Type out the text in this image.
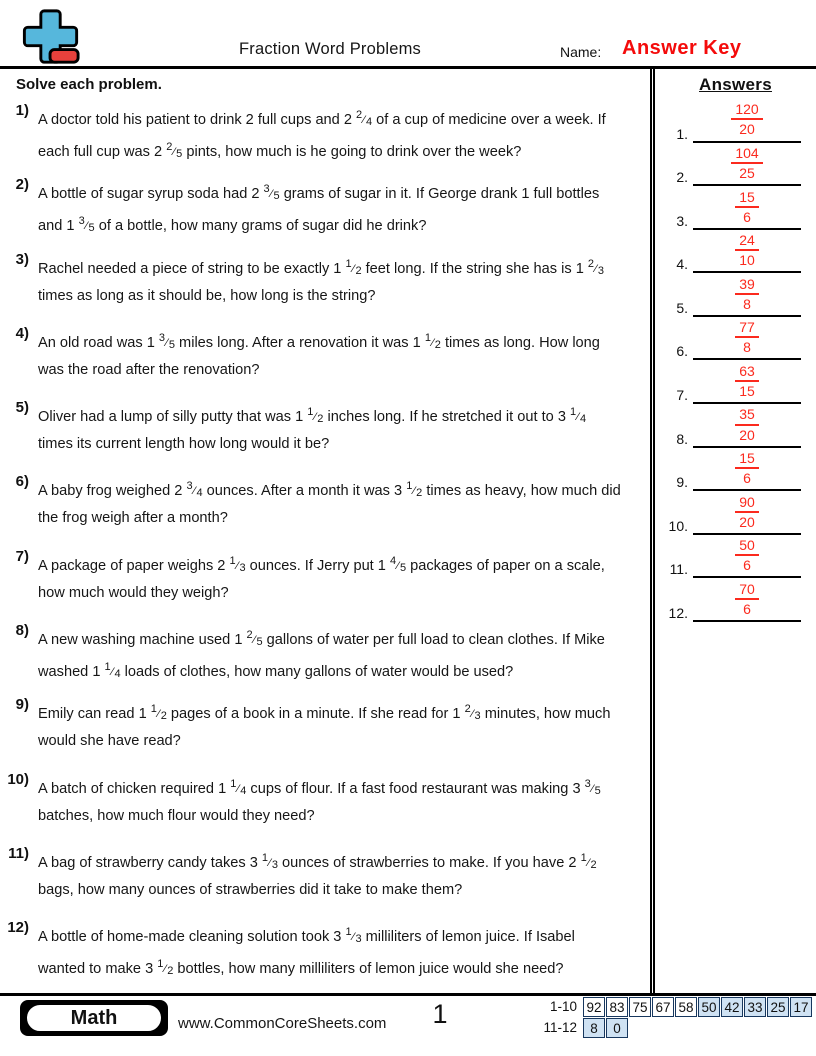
Fraction Word Problems	Name: Answer Key
Solve each problem.
1)
A doctor told his patient to drink 2 full cups and 2 $^2$⁄4 of a cup of medicine over a week. If each full cup was 2 $^2$⁄5 pints, how much is he going to drink over the week?
2)
A bottle of sugar syrup soda had 2 $^3$⁄5 grams of sugar in it. If George drank 1 full bottles and 1 $^3$⁄5 of a bottle, how many grams of sugar did he drink?
3)
Rachel needed a piece of string to be exactly 1 $^1$⁄2 feet long. If the string she has is 1 $^2$⁄3 times as long as it should be, how long is the string?
4)
An old road was 1 $^3$⁄5 miles long. After a renovation it was 1 $^1$⁄2 times as long. How long was the road after the renovation?
5)
Oliver had a lump of silly putty that was 1 $^1$⁄2 inches long. If he stretched it out to 3 $^1$⁄4 times its current length how long would it be?
6)
A baby frog weighed 2 $^3$⁄4 ounces. After a month it was 3 $^1$⁄2 times as heavy, how much did the frog weigh after a month?
7)
A package of paper weighs 2 $^1$⁄3 ounces. If Jerry put 1 $^4$⁄5 packages of paper on a scale, how much would they weigh?
8)
A new washing machine used 1 $^2$⁄5 gallons of water per full load to clean clothes. If Mike washed 1 $^1$⁄4 loads of clothes, how many gallons of water would be used?
9)
Emily can read 1 $^1$⁄2 pages of a book in a minute. If she read for 1 $^2$⁄3 minutes, how much would she have read?
10)
A batch of chicken required 1 $^1$⁄4 cups of flour. If a fast food restaurant was making 3 $^3$⁄5 batches, how much flour would they need?
11)
A bag of strawberry candy takes 3 $^1$⁄3 ounces of strawberries to make. If you have 2 $^1$⁄2 bags, how many ounces of strawberries did it take to make them?
12)
A bottle of home-made cleaning solution took 3 $^1$⁄3 milliliters of lemon juice. If Isabel wanted to make 3 $^1$⁄2 bottles, how many milliliters of lemon juice would she need?
Answers
1.	$\frac{120}{20}$
2.	$\frac{104}{25}$
3.	$\frac{15}{6}$
4.	$\frac{24}{10}$
5.	$\frac{39}{8}$
6.	$\frac{77}{8}$
7.	$\frac{63}{15}$
8.	$\frac{35}{20}$
9.	$\frac{15}{6}$
10.	$\frac{90}{20}$
11.	$\frac{50}{6}$
12.	$\frac{70}{6}$
Math	www.CommonCoreSheets.com	1	1-10 92 83 75 67 58 50 42 33 25 17
11-12 8	0
